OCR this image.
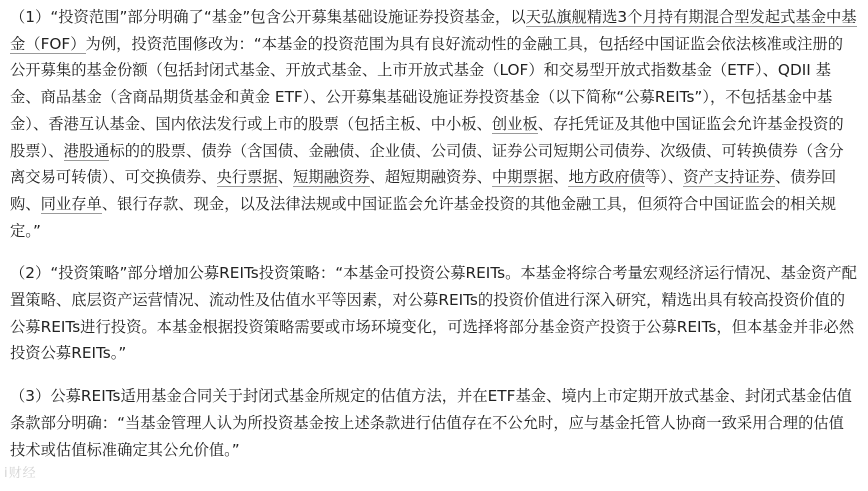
（1）“投资范围”部分明确了“基金”包含公开募集基础设施证券投资基金，以天弘旗舰精选3个月持有期混合型发起式基金中基金（FOF）为例，投资范围修改为：“本基金的投资范围为具有良好流动性的金融工具，包括经中国证监会依法核准或注册的公开募集的基金份额（包括封闭式基金、开放式基金、上市开放式基金（LOF）和交易型开放式指数基金（ETF）、QDII 基金、商品基金（含商品期货基金和黄金 ETF）、公开募集基础设施证券投资基金（以下简称“公募REITs”），不包括基金中基金）、香港互认基金、国内依法发行或上市的股票（包括主板、中小板、创业板、存托凭证及其他中国证监会允许基金投资的股票）、港股通标的的股票、债券（含国债、金融债、企业债、公司债、证券公司短期公司债券、次级债、可转换债券（含分离交易可转债）、可交换债券、央行票据、短期融资券、超短期融资券、中期票据、地方政府债等）、资产支持证券、债券回购、同业存单、银行存款、现金，以及法律法规或中国证监会允许基金投资的其他金融工具，但须符合中国证监会的相关规定。”

（2）“投资策略”部分增加公募REITs投资策略：“本基金可投资公募REITs。本基金将综合考量宏观经济运行情况、基金资产配置策略、底层资产运营情况、流动性及估值水平等因素，对公募REITs的投资价值进行深入研究，精选出具有较高投资价值的公募REITs进行投资。本基金根据投资策略需要或市场环境变化，可选择将部分基金资产投资于公募REITs，但本基金并非必然投资公募REITs。”

（3）公募REITs适用基金合同关于封闭式基金所规定的估值方法，并在ETF基金、境内上市定期开放式基金、封闭式基金估值条款部分明确：“当基金管理人认为所投资基金按上述条款进行估值存在不公允时，应与基金托管人协商一致采用合理的估值技术或估值标准确定其公允价值。”

i财经
